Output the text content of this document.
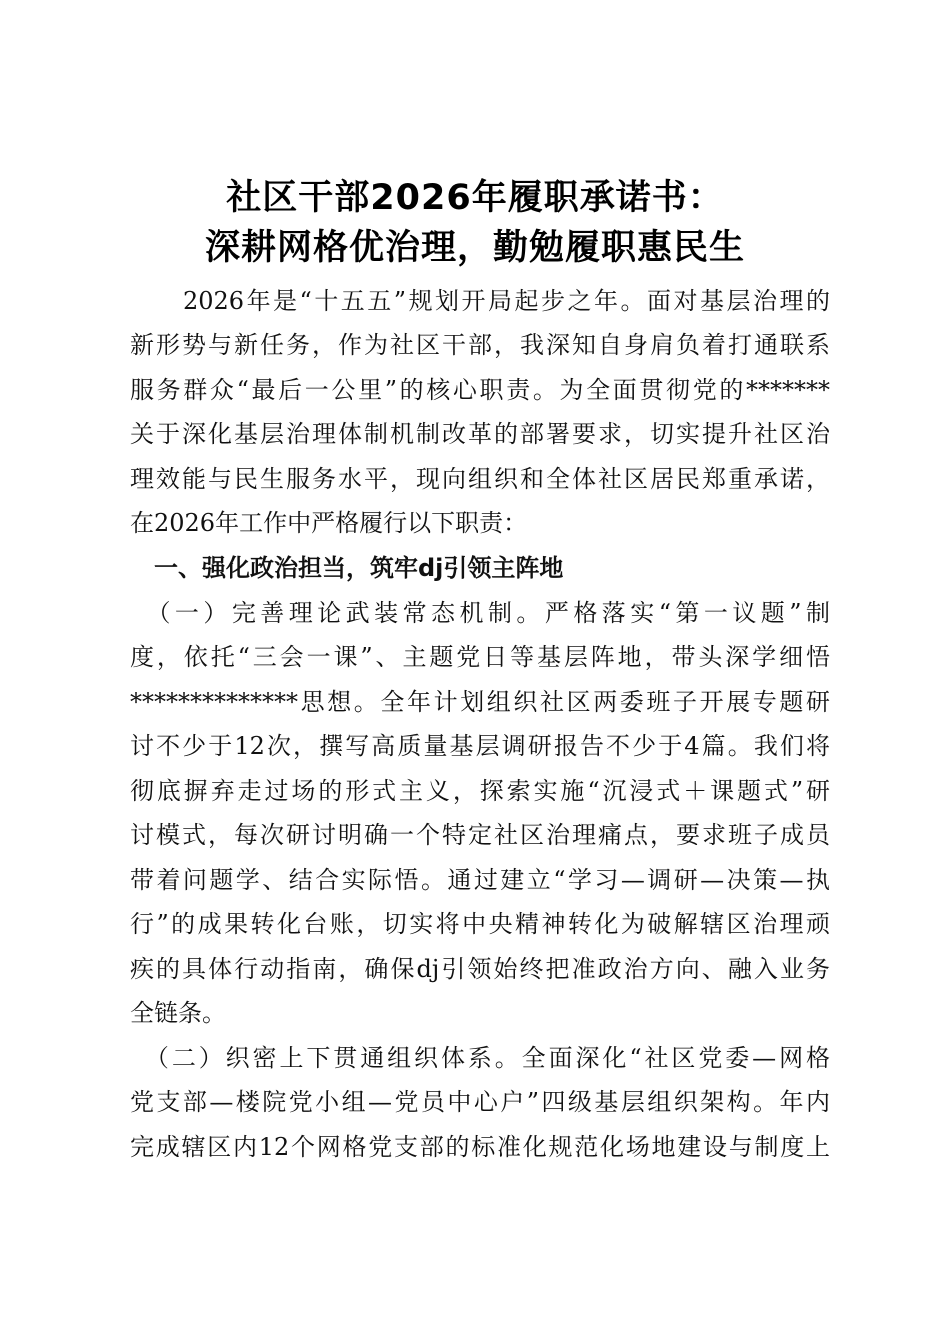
社区干部2026年履职承诺书：
深耕网格优治理，勤勉履职惠民生
　　2026年是“十五五”规划开局起步之年。面对基层治理的
新形势与新任务，作为社区干部，我深知自身肩负着打通联系
服务群众“最后一公里”的核心职责。为全面贯彻党的*******
关于深化基层治理体制机制改革的部署要求，切实提升社区治
理效能与民生服务水平，现向组织和全体社区居民郑重承诺，
在2026年工作中严格履行以下职责：
　一、强化政治担当，筑牢dj引领主阵地
　（一）完善理论武装常态机制。严格落实“第一议题”制
度，依托“三会一课”、主题党日等基层阵地，带头深学细悟
**************思想。全年计划组织社区两委班子开展专题研
讨不少于12次，撰写高质量基层调研报告不少于4篇。我们将
彻底摒弃走过场的形式主义，探索实施“沉浸式＋课题式”研
讨模式，每次研讨明确一个特定社区治理痛点，要求班子成员
带着问题学、结合实际悟。通过建立“学习—调研—决策—执
行”的成果转化台账，切实将中央精神转化为破解辖区治理顽
疾的具体行动指南，确保dj引领始终把准政治方向、融入业务
全链条。
　（二）织密上下贯通组织体系。全面深化“社区党委—网格
党支部—楼院党小组—党员中心户”四级基层组织架构。年内
完成辖区内12个网格党支部的标准化规范化场地建设与制度上
